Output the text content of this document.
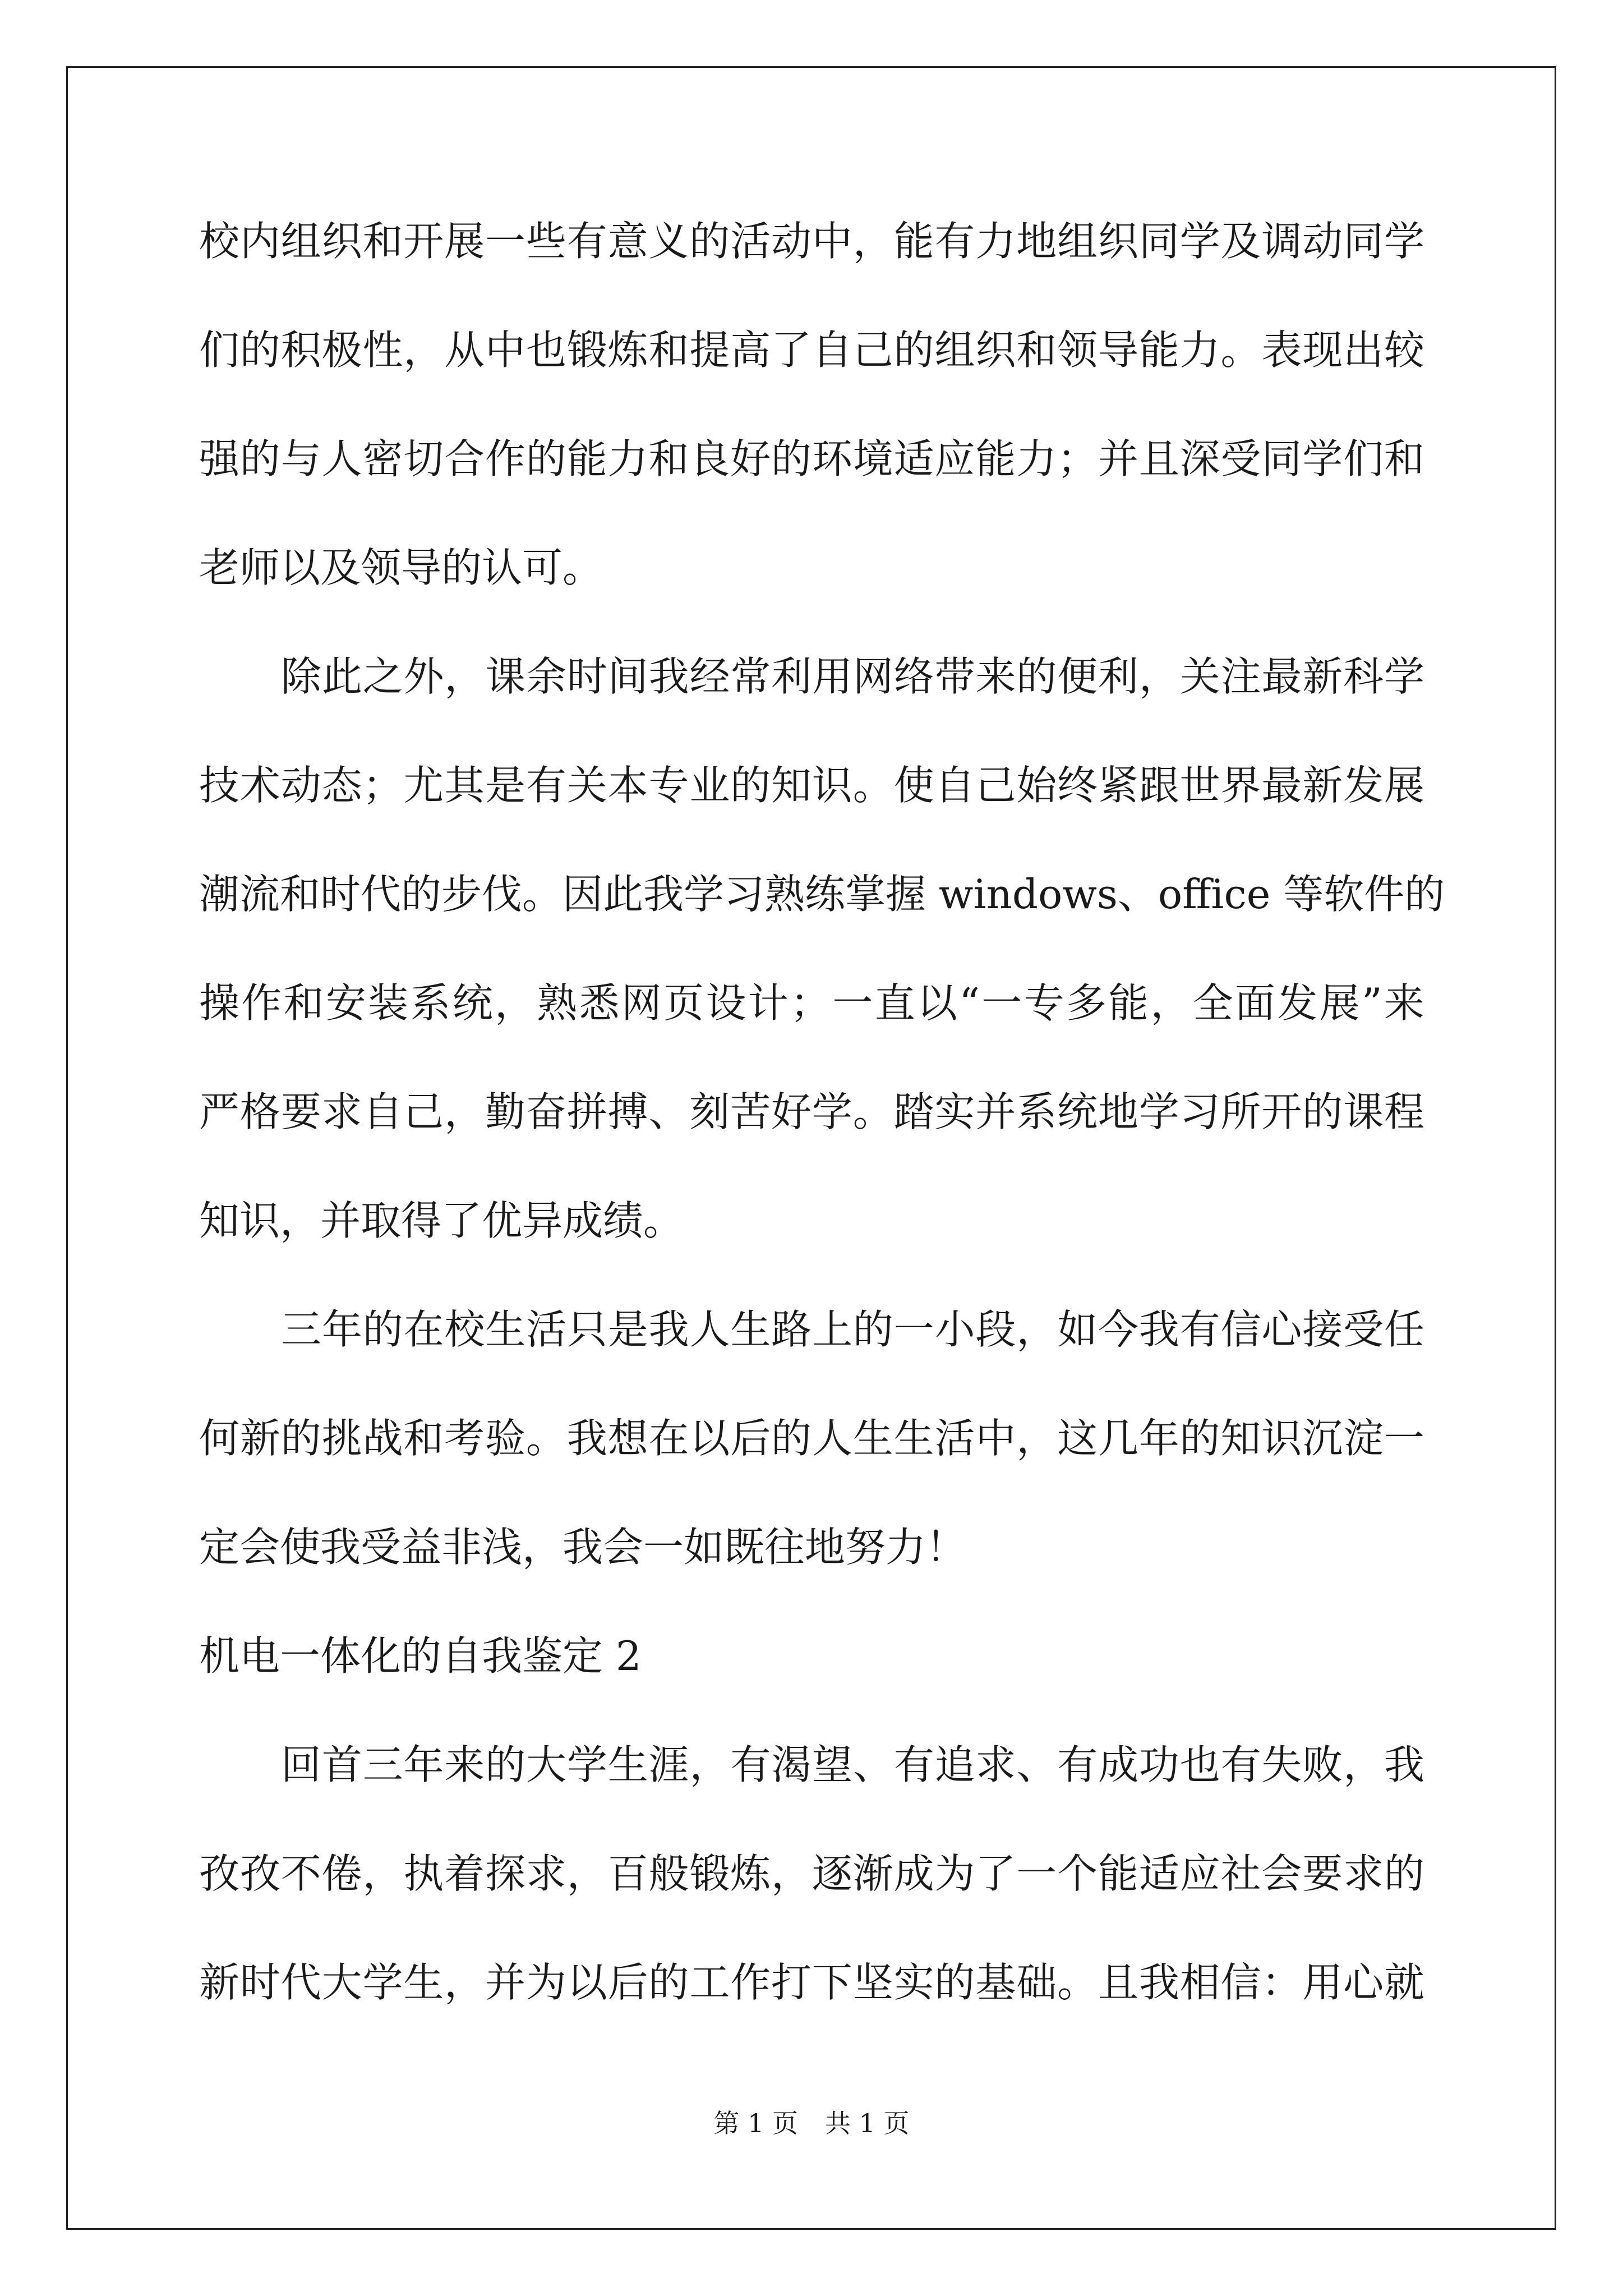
校内组织和开展一些有意义的活动中，能有力地组织同学及调动同学
们的积极性，从中也锻炼和提高了自己的组织和领导能力。表现出较
强的与人密切合作的能力和良好的环境适应能力；并且深受同学们和
老师以及领导的认可。
除此之外，课余时间我经常利用网络带来的便利，关注最新科学
技术动态；尤其是有关本专业的知识。使自己始终紧跟世界最新发展
潮流和时代的步伐。因此我学习熟练掌握 windows、office 等软件的
操作和安装系统，熟悉网页设计；一直以“一专多能，全面发展”来
严格要求自己，勤奋拼搏、刻苦好学。踏实并系统地学习所开的课程
知识，并取得了优异成绩。
三年的在校生活只是我人生路上的一小段，如今我有信心接受任
何新的挑战和考验。我想在以后的人生生活中，这几年的知识沉淀一
定会使我受益非浅，我会一如既往地努力！
机电一体化的自我鉴定 2
回首三年来的大学生涯，有渴望、有追求、有成功也有失败，我
孜孜不倦，执着探求，百般锻炼，逐渐成为了一个能适应社会要求的
新时代大学生，并为以后的工作打下坚实的基础。且我相信：用心就
第 1 页 共 1 页
